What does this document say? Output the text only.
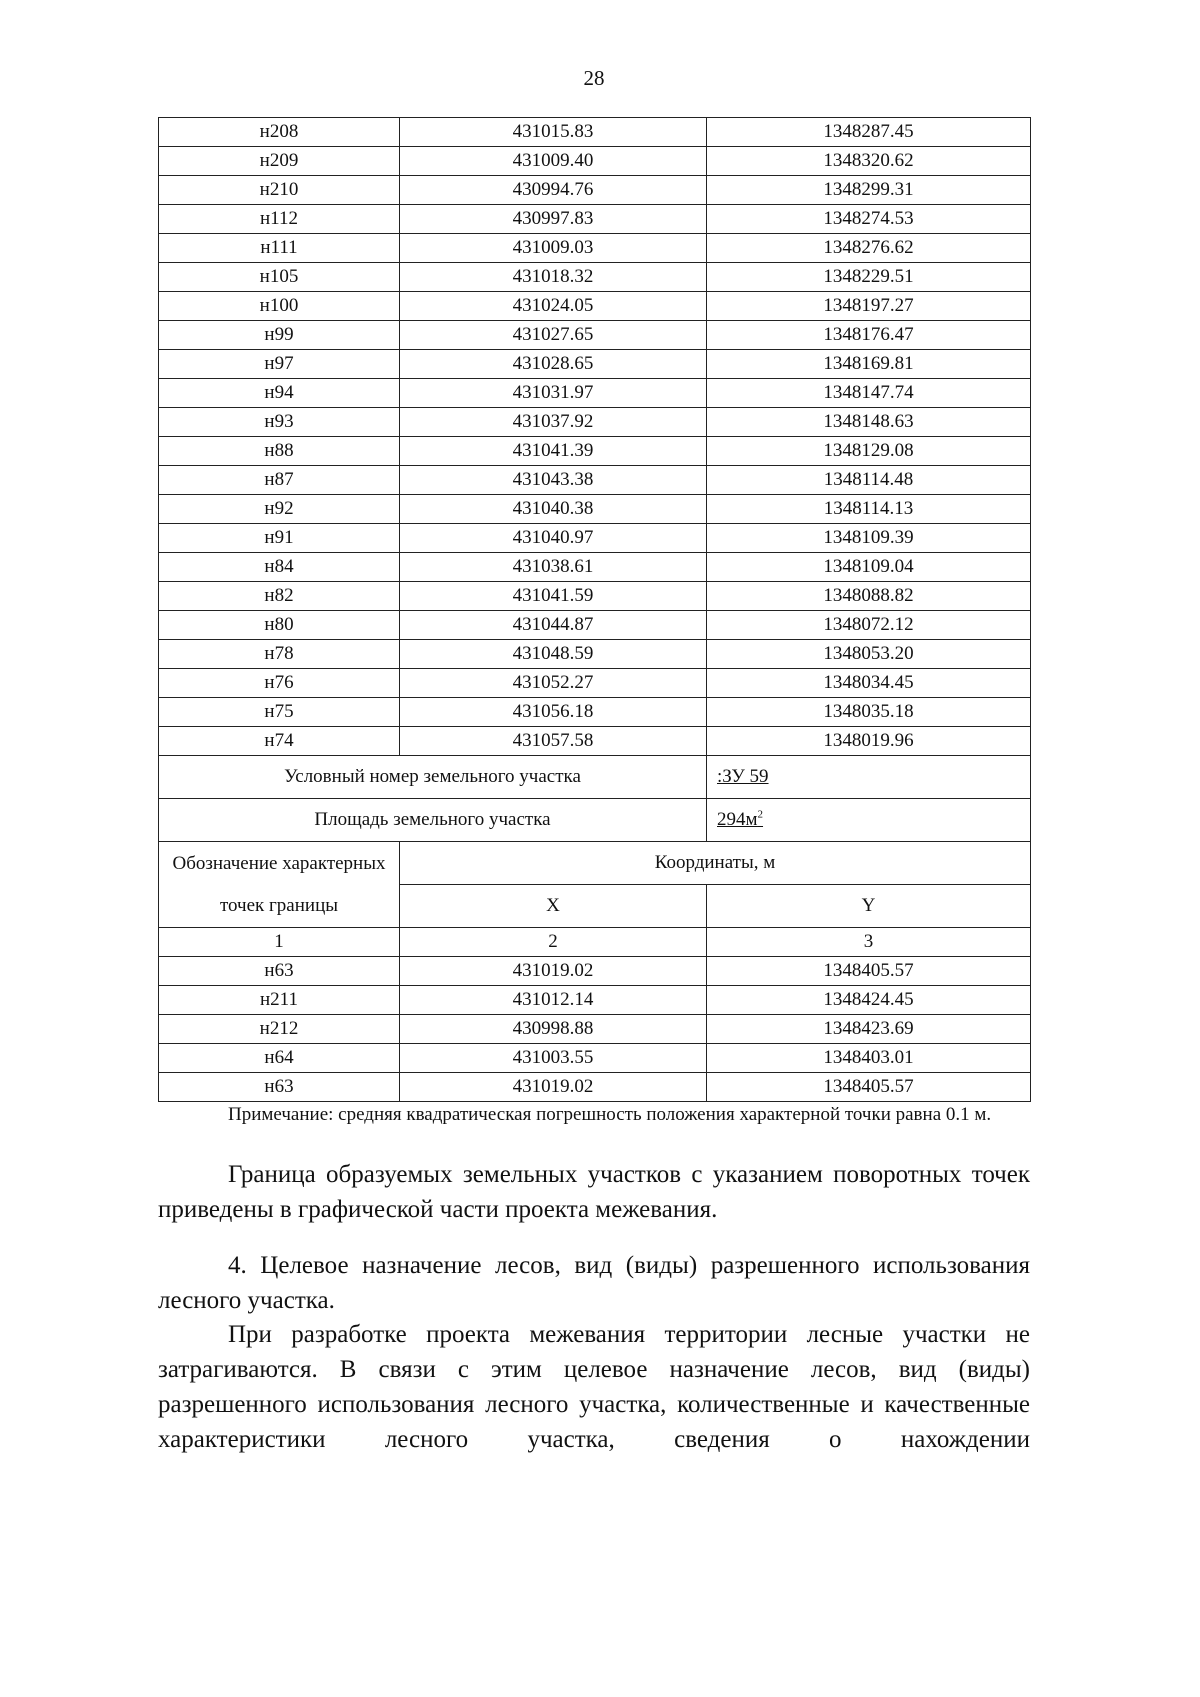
28
н208	431015.83	1348287.45
н209	431009.40	1348320.62
н210	430994.76	1348299.31
н112	430997.83	1348274.53
н111	431009.03	1348276.62
н105	431018.32	1348229.51
н100	431024.05	1348197.27
н99	431027.65	1348176.47
н97	431028.65	1348169.81
н94	431031.97	1348147.74
н93	431037.92	1348148.63
н88	431041.39	1348129.08
н87	431043.38	1348114.48
н92	431040.38	1348114.13
н91	431040.97	1348109.39
н84	431038.61	1348109.04
н82	431041.59	1348088.82
н80	431044.87	1348072.12
н78	431048.59	1348053.20
н76	431052.27	1348034.45
н75	431056.18	1348035.18
н74	431057.58	1348019.96
Условный номер земельного участка		:ЗУ 59
Площадь земельного участка		$294м^2$
Обозначение характерных точек границы	Координаты, м	
	X	Y
1	2	3
н63	431019.02	1348405.57
н211	431012.14	1348424.45
н212	430998.88	1348423.69
н64	431003.55	1348403.01
н63	431019.02	1348405.57
Примечание: средняя квадратическая погрешность положения характерной точки равна 0.1 м.
Граница образуемых земельных участков с указанием поворотных точек приведены в графической части проекта межевания.
4. Целевое назначение лесов, вид (виды) разрешенного использования лесного участка.
При разработке проекта межевания территории лесные участки не затрагиваются. В связи с этим целевое назначение лесов, вид (виды) разрешенного использования лесного участка, количественные и качественные характеристики лесного участка, сведения о нахождении
